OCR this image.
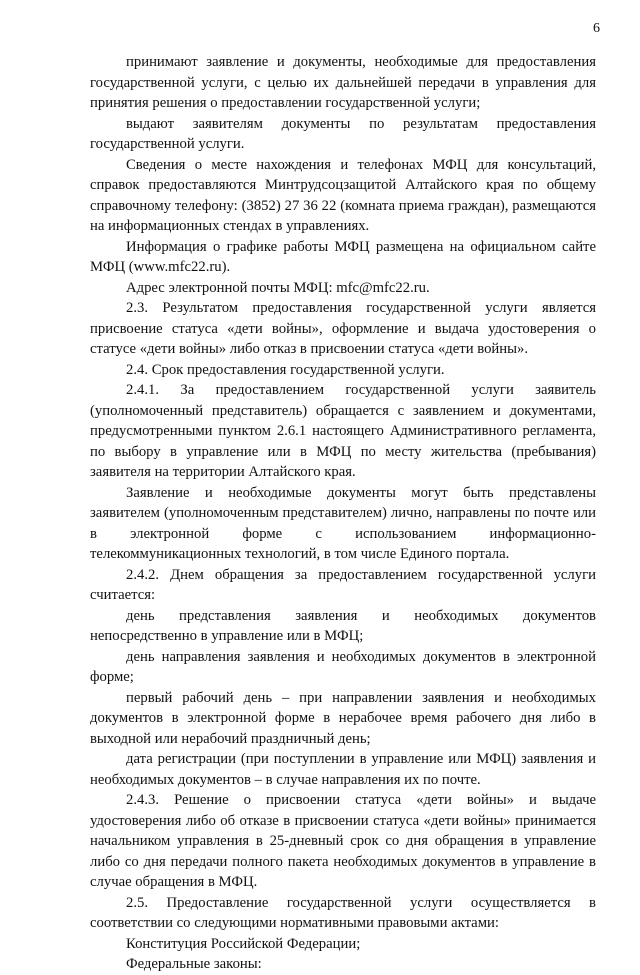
6

принимают заявление и документы, необходимые для предоставления государственной услуги, с целью их дальнейшей передачи в управления для принятия решения о предоставлении государственной услуги;

выдают заявителям документы по результатам предоставления государственной услуги.

Сведения о месте нахождения и телефонах МФЦ для консультаций, справок предоставляются Минтрудсоцзащитой Алтайского края по общему справочному телефону: (3852) 27 36 22 (комната приема граждан), размещаются на информационных стендах в управлениях.

Информация о графике работы МФЦ размещена на официальном сайте МФЦ (www.mfc22.ru).

Адрес электронной почты МФЦ: mfc@mfc22.ru.

2.3. Результатом предоставления государственной услуги является присвоение статуса «дети войны», оформление и выдача удостоверения о статусе «дети войны» либо отказ в присвоении статуса «дети войны».

2.4. Срок предоставления государственной услуги.

2.4.1. За предоставлением государственной услуги заявитель (уполномоченный представитель) обращается с заявлением и документами, предусмотренными пунктом 2.6.1 настоящего Административного регламента, по выбору в управление или в МФЦ по месту жительства (пребывания) заявителя на территории Алтайского края.

Заявление и необходимые документы могут быть представлены заявителем (уполномоченным представителем) лично, направлены по почте или в электронной форме с использованием информационно-телекоммуникационных технологий, в том числе Единого портала.

2.4.2. Днем обращения за предоставлением государственной услуги считается:

день представления заявления и необходимых документов непосредственно в управление или в МФЦ;

день направления заявления и необходимых документов в электронной форме;

первый рабочий день – при направлении заявления и необходимых документов в электронной форме в нерабочее время рабочего дня либо в выходной или нерабочий праздничный день;

дата регистрации (при поступлении в управление или МФЦ) заявления и необходимых документов – в случае направления их по почте.

2.4.3. Решение о присвоении статуса «дети войны» и выдаче удостоверения либо об отказе в присвоении статуса «дети войны» принимается начальником управления в 25-дневный срок со дня обращения в управление либо со дня передачи полного пакета необходимых документов в управление в случае обращения в МФЦ.

2.5. Предоставление государственной услуги осуществляется в соответствии со следующими нормативными правовыми актами:

Конституция Российской Федерации;

Федеральные законы:
